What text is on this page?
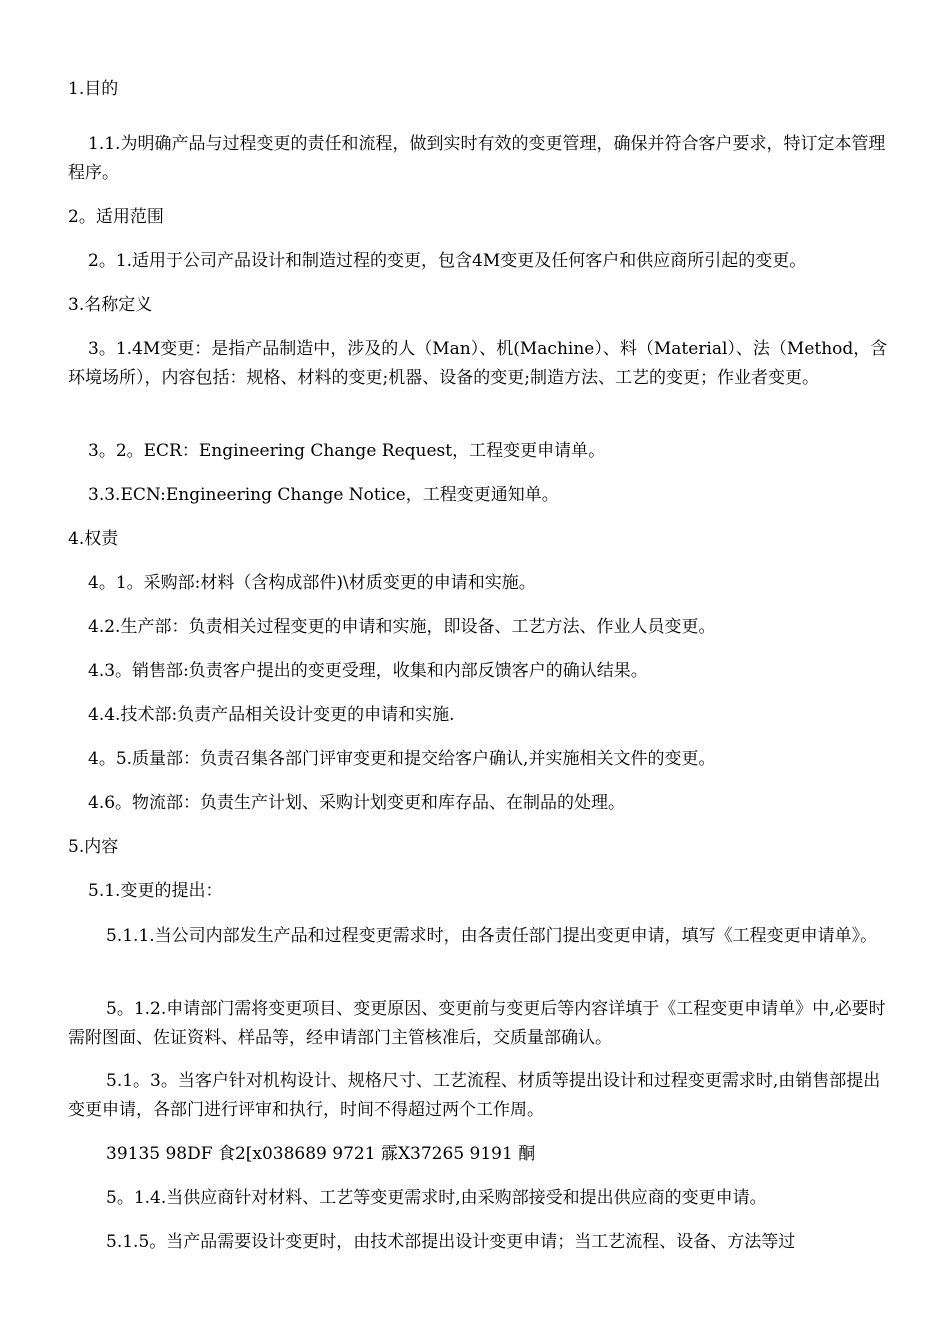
1.目的
1.1.为明确产品与过程变更的责任和流程，做到实时有效的变更管理，确保并符合客户要求，特订定本管理程序。
2。适用范围
2。1.适用于公司产品设计和制造过程的变更，包含4M变更及任何客户和供应商所引起的变更。
3.名称定义
3。1.4M变更：是指产品制造中，涉及的人（Man）、机(Machine）、料（Material）、法（Method，含环境场所），内容包括：规格、材料的变更;机器、设备的变更;制造方法、工艺的变更；作业者变更。
3。2。ECR：Engineering Change Request，工程变更申请单。
3.3.ECN:Engineering Change Notice，工程变更通知单。
4.权责
4。1。采购部:材料（含构成部件)\材质变更的申请和实施。
4.2.生产部：负责相关过程变更的申请和实施，即设备、工艺方法、作业人员变更。
4.3。销售部:负责客户提出的变更受理，收集和内部反馈客户的确认结果。
4.4.技术部:负责产品相关设计变更的申请和实施.
4。5.质量部：负责召集各部门评审变更和提交给客户确认,并实施相关文件的变更。
4.6。物流部：负责生产计划、采购计划变更和库存品、在制品的处理。
5.内容
5.1.变更的提出：
5.1.1.当公司内部发生产品和过程变更需求时，由各责任部门提出变更申请，填写《工程变更申请单》。
5。1.2.申请部门需将变更项目、变更原因、变更前与变更后等内容详填于《工程变更申请单》中,必要时需附图面、佐证资料、样品等，经申请部门主管核准后，交质量部确认。
5.1。3。当客户针对机构设计、规格尺寸、工艺流程、材质等提出设计和过程变更需求时,由销售部提出变更申请，各部门进行评审和执行，时间不得超过两个工作周。
39135 98DF 食2[x038689 9721 霡X37265 9191 酮
5。1.4.当供应商针对材料、工艺等变更需求时,由采购部接受和提出供应商的变更申请。
5.1.5。当产品需要设计变更时，由技术部提出设计变更申请；当工艺流程、设备、方法等过
